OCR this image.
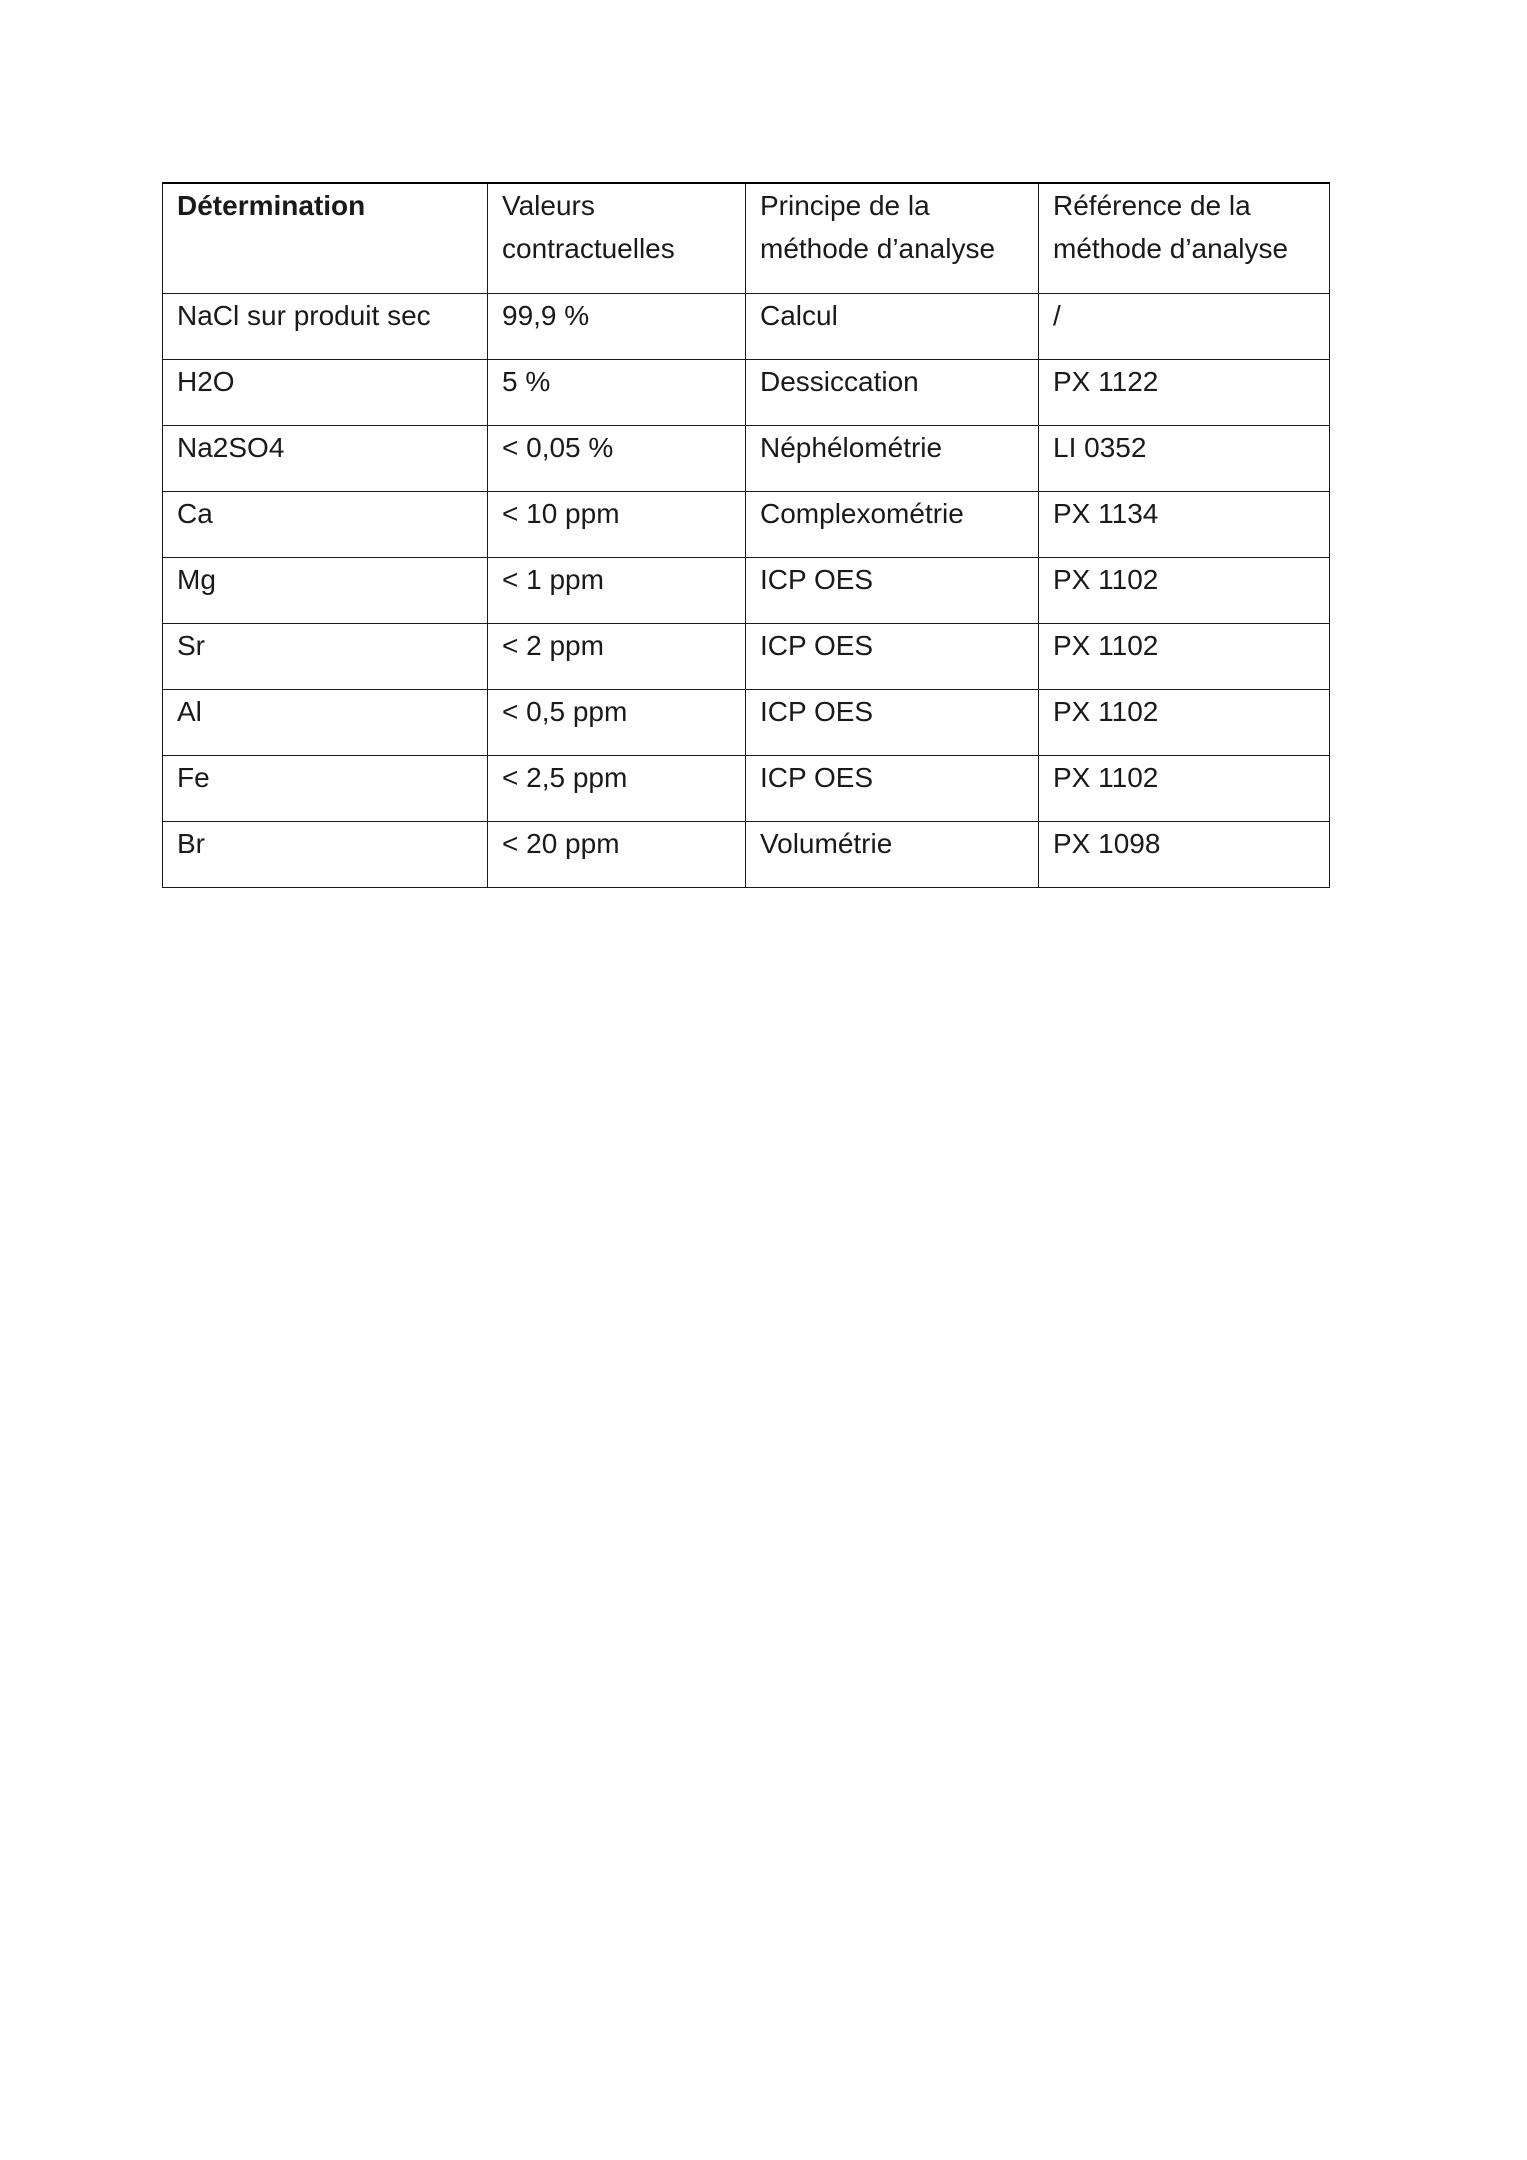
Détermination	Valeurs contractuelles	Principe de la méthode d’analyse	Référence de la méthode d’analyse

NaCl sur produit sec	99,9 %	Calcul	/

H2O	5 %	Dessiccation	PX 1122

Na2SO4	< 0,05 %	Néphélométrie	LI 0352

Ca	< 10 ppm	Complexométrie	PX 1134

Mg	< 1 ppm	ICP OES	PX 1102

Sr	< 2 ppm	ICP OES	PX 1102

Al	< 0,5 ppm	ICP OES	PX 1102

Fe	< 2,5 ppm	ICP OES	PX 1102

Br	< 20 ppm	Volumétrie	PX 1098
